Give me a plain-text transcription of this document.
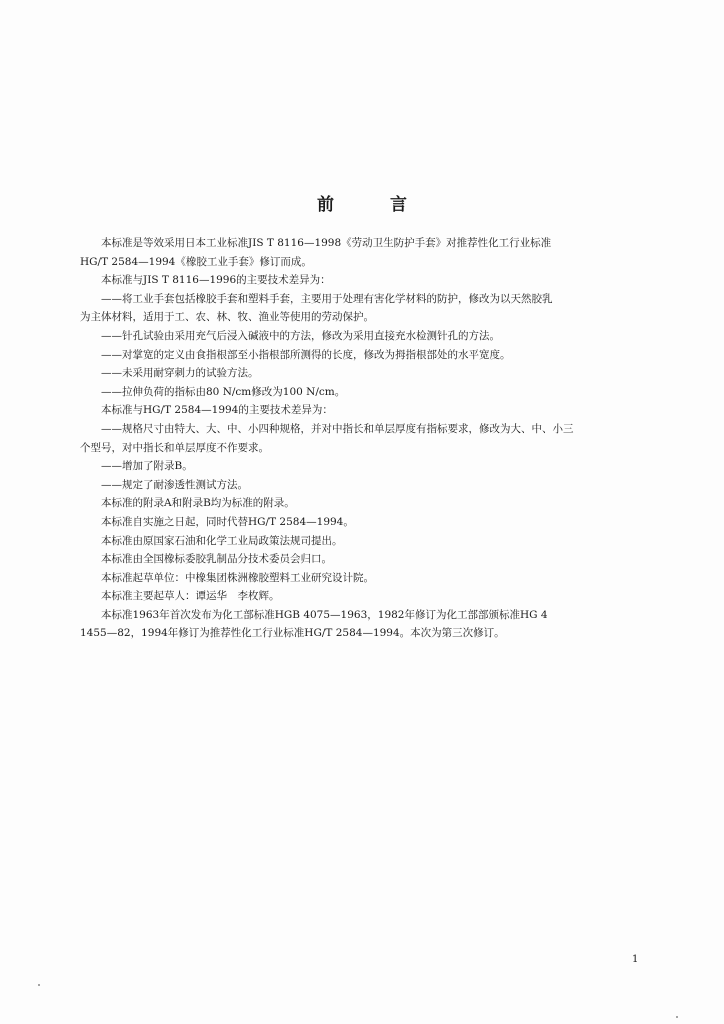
前言
本标准是等效采用日本工业标准JIS T 8116—1998《劳动卫生防护手套》对推荐性化工行业标准
HG/T 2584—1994《橡胶工业手套》修订而成。
本标准与JIS T 8116—1996的主要技术差异为：
——将工业手套包括橡胶手套和塑料手套，主要用于处理有害化学材料的防护，修改为以天然胶乳
为主体材料，适用于工、农、林、牧、渔业等使用的劳动保护。
——针孔试验由采用充气后浸入碱液中的方法，修改为采用直接充水检测针孔的方法。
——对掌宽的定义由食指根部至小指根部所测得的长度，修改为拇指根部处的水平宽度。
——未采用耐穿刺力的试验方法。
——拉伸负荷的指标由80 N/cm修改为100 N/cm。
本标准与HG/T 2584—1994的主要技术差异为：
——规格尺寸由特大、大、中、小四种规格，并对中指长和单层厚度有指标要求，修改为大、中、小三
个型号，对中指长和单层厚度不作要求。
——增加了附录B。
——规定了耐渗透性测试方法。
本标准的附录A和附录B均为标准的附录。
本标准自实施之日起，同时代替HG/T 2584—1994。
本标准由原国家石油和化学工业局政策法规司提出。
本标准由全国橡标委胶乳制品分技术委员会归口。
本标准起草单位：中橡集团株洲橡胶塑料工业研究设计院。
本标准主要起草人：谭运华　李枚辉。
本标准1963年首次发布为化工部标准HGB 4075—1963，1982年修订为化工部部颁标准HG 4
1455—82，1994年修订为推荐性化工行业标准HG/T 2584—1994。本次为第三次修订。
1
